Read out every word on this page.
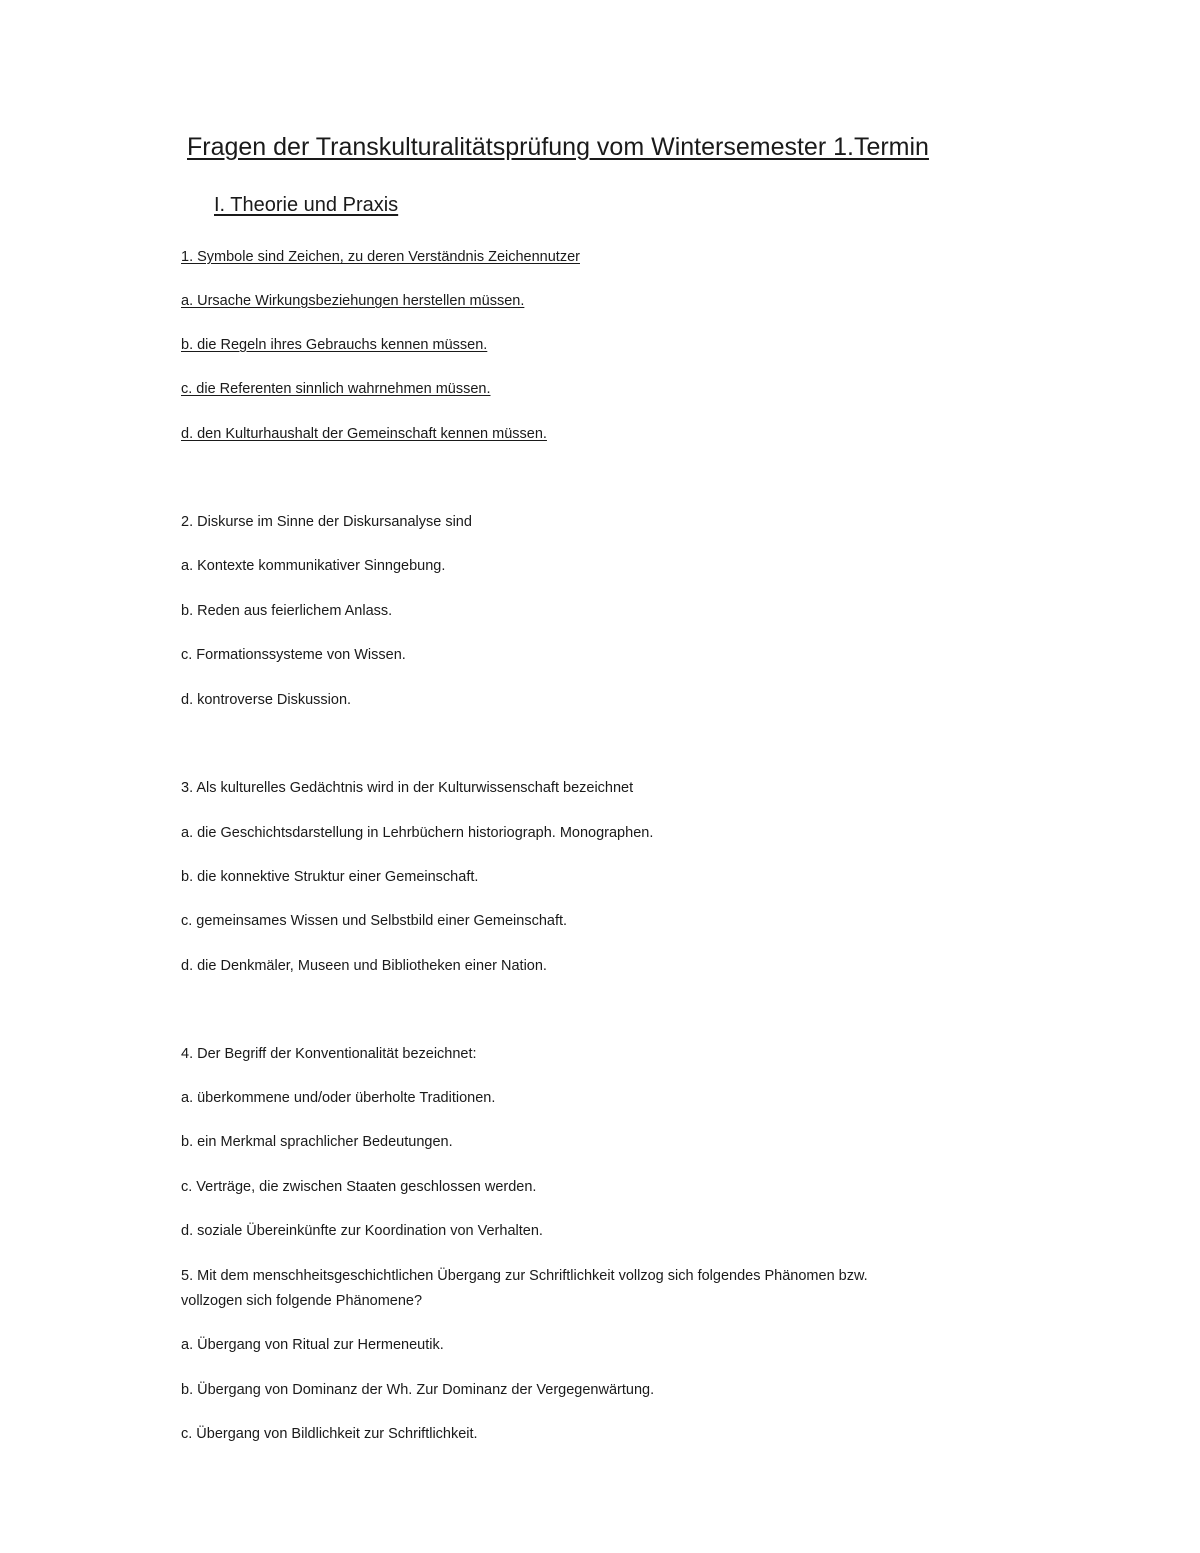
Fragen der Transkulturalitätsprüfung vom Wintersemester 1.Termin
I. Theorie und Praxis
1. Symbole sind Zeichen, zu deren Verständnis Zeichennutzer
a. Ursache Wirkungsbeziehungen herstellen müssen.
b. die Regeln ihres Gebrauchs kennen müssen.
c. die Referenten sinnlich wahrnehmen müssen.
d. den Kulturhaushalt der Gemeinschaft kennen müssen.
2. Diskurse im Sinne der Diskursanalyse sind
a. Kontexte kommunikativer Sinngebung.
b. Reden aus feierlichem Anlass.
c. Formationssysteme von Wissen.
d. kontroverse Diskussion.
3. Als kulturelles Gedächtnis wird in der Kulturwissenschaft bezeichnet
a. die Geschichtsdarstellung in Lehrbüchern historiograph. Monographen.
b. die konnektive Struktur einer Gemeinschaft.
c. gemeinsames Wissen und Selbstbild einer Gemeinschaft.
d. die Denkmäler, Museen und Bibliotheken einer Nation.
4. Der Begriff der Konventionalität bezeichnet:
a. überkommene und/oder überholte Traditionen.
b. ein Merkmal sprachlicher Bedeutungen.
c. Verträge, die zwischen Staaten geschlossen werden.
d. soziale Übereinkünfte zur Koordination von Verhalten.
5. Mit dem menschheitsgeschichtlichen Übergang zur Schriftlichkeit vollzog sich folgendes Phänomen bzw.
vollzogen sich folgende Phänomene?
a. Übergang von Ritual zur Hermeneutik.
b. Übergang von Dominanz der Wh. Zur Dominanz der Vergegenwärtung.
c. Übergang von Bildlichkeit zur Schriftlichkeit.
